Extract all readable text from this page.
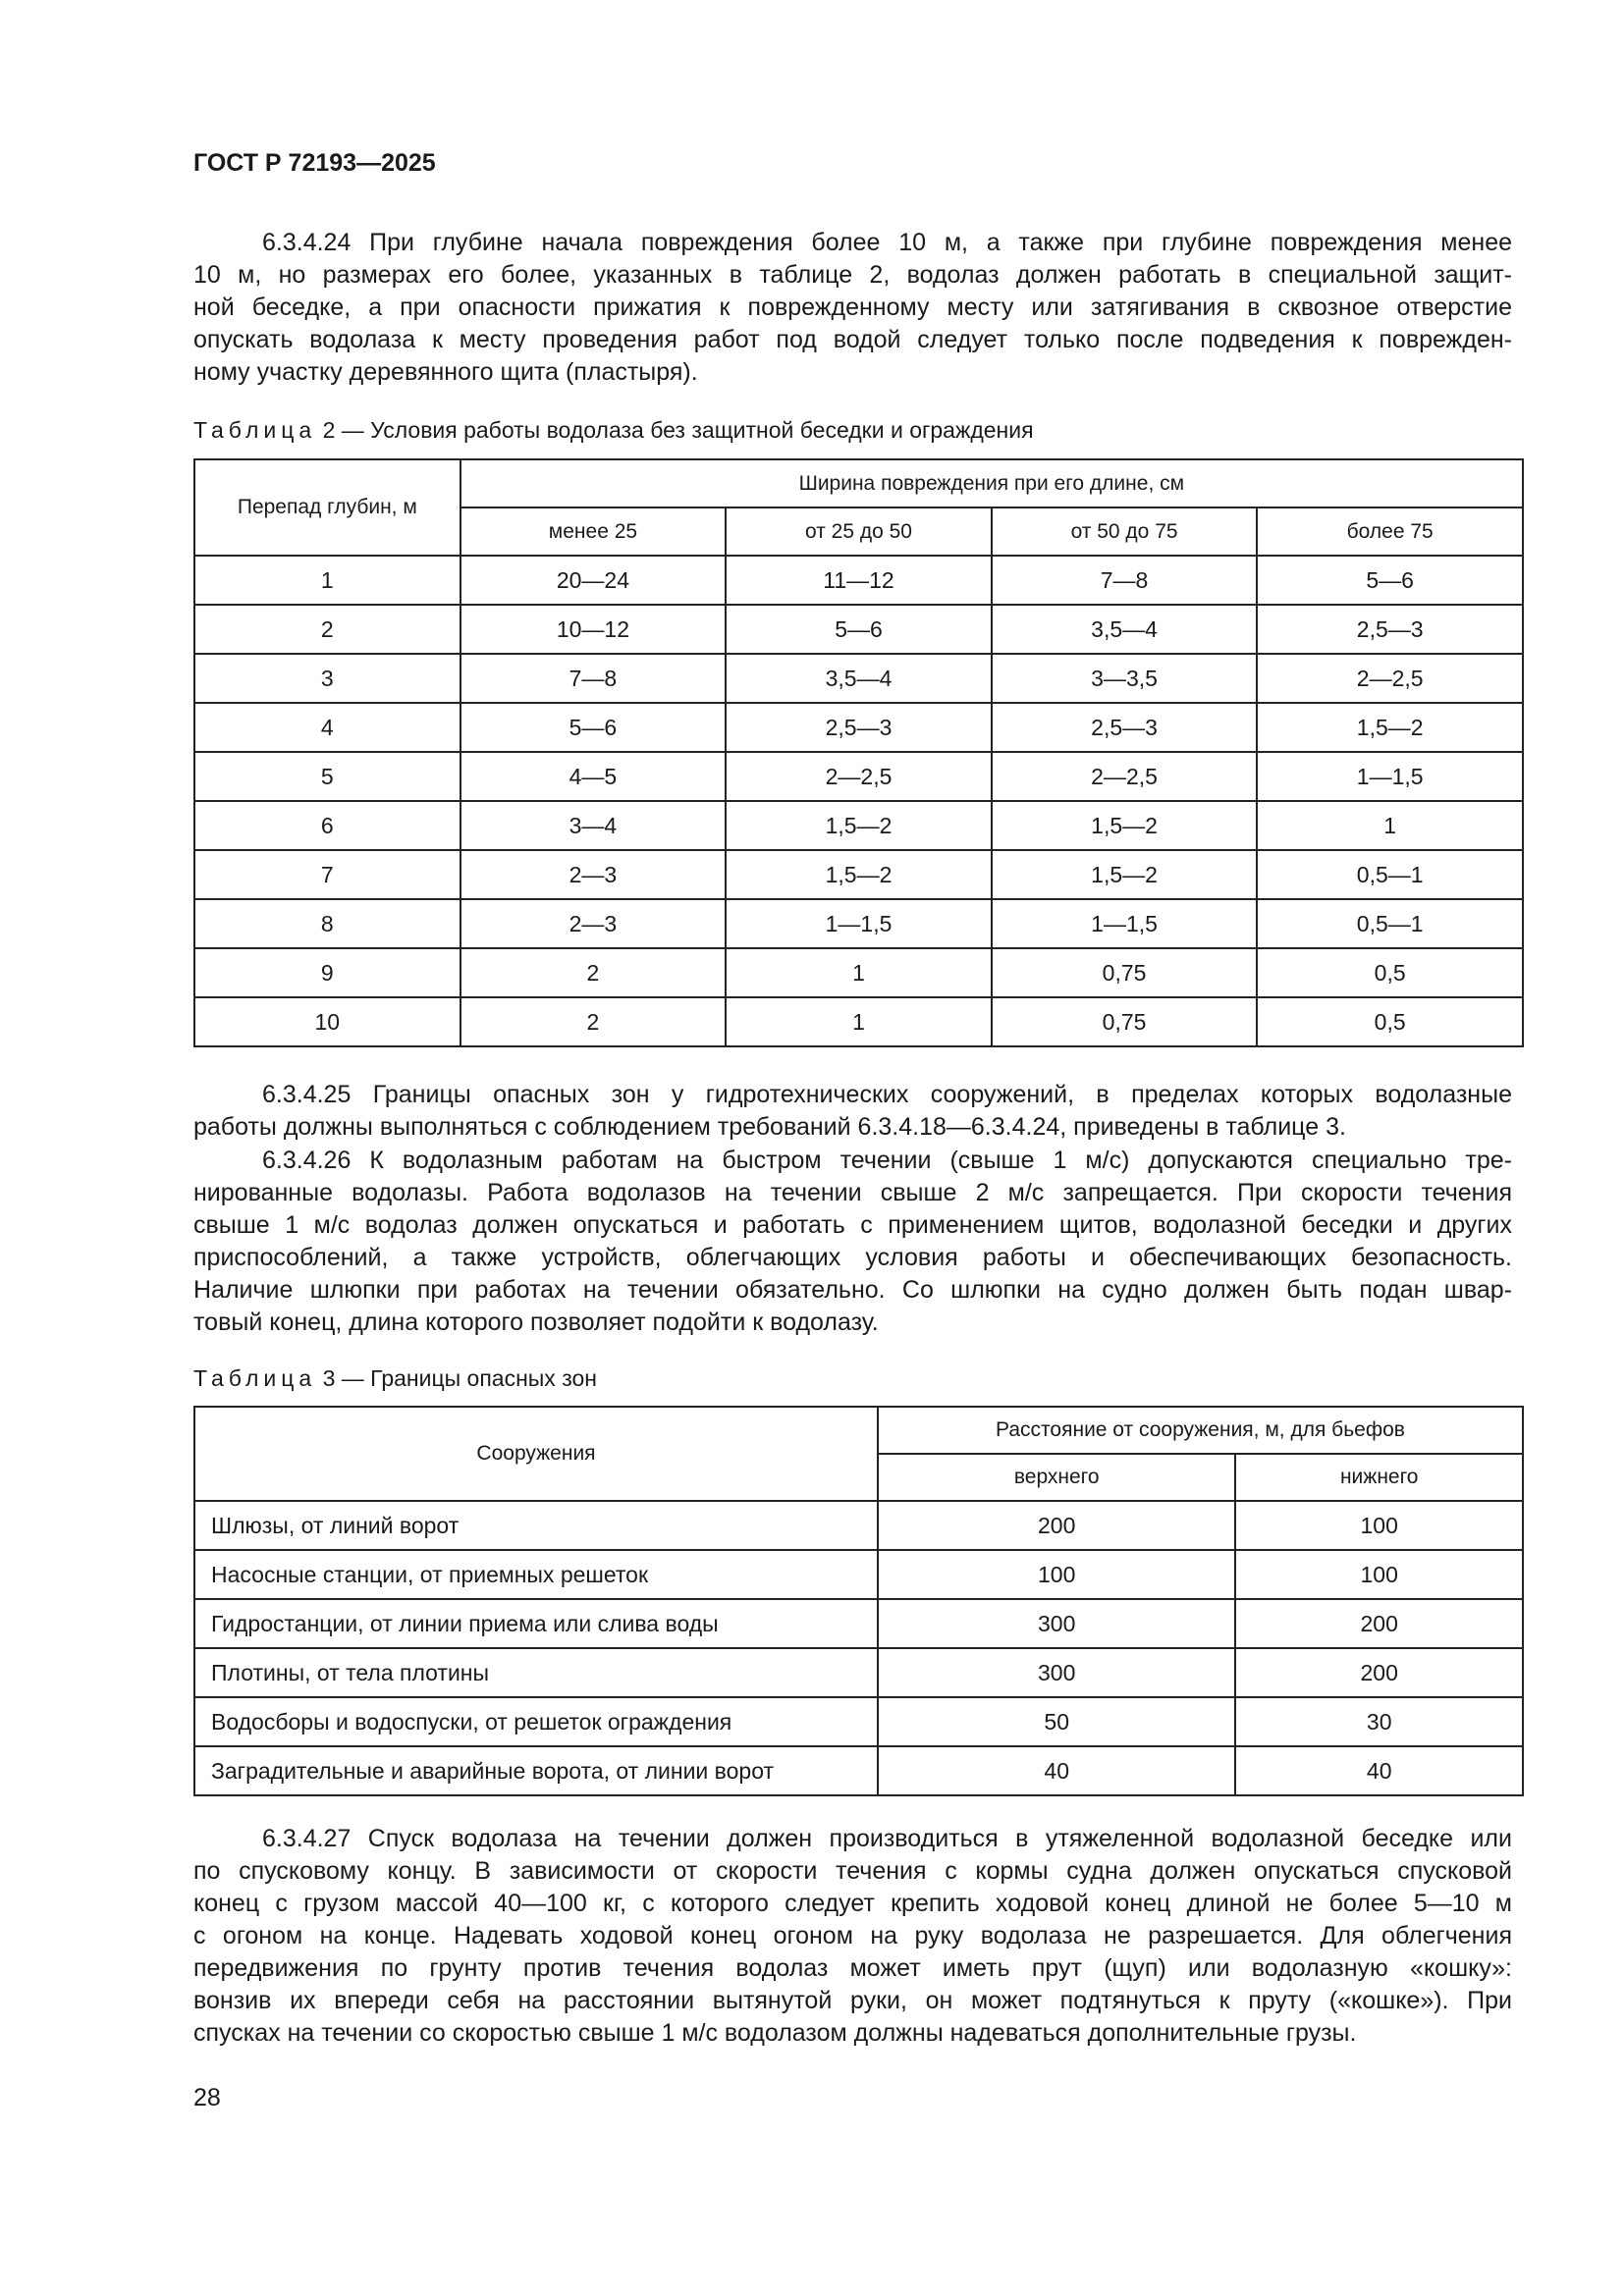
ГОСТ Р 72193—2025
6.3.4.24 При глубине начала повреждения более 10 м, а также при глубине повреждения менее
10 м, но размерах его более, указанных в таблице 2, водолаз должен работать в специальной защит-
ной беседке, а при опасности прижатия к поврежденному месту или затягивания в сквозное отверстие
опускать водолаза к месту проведения работ под водой следует только после подведения к поврежден-
ному участку деревянного щита (пластыря).
Таблица 2 — Условия работы водолаза без защитной беседки и ограждения
Перепад глубин, м	Ширина повреждения при его длине, см			
	менее 25	от 25 до 50	от 50 до 75	более 75
1	20—24	11—12	7—8	5—6
2	10—12	5—6	3,5—4	2,5—3
3	7—8	3,5—4	3—3,5	2—2,5
4	5—6	2,5—3	2,5—3	1,5—2
5	4—5	2—2,5	2—2,5	1—1,5
6	3—4	1,5—2	1,5—2	1
7	2—3	1,5—2	1,5—2	0,5—1
8	2—3	1—1,5	1—1,5	0,5—1
9	2	1	0,75	0,5
10	2	1	0,75	0,5
6.3.4.25 Границы опасных зон у гидротехнических сооружений, в пределах которых водолазные
работы должны выполняться с соблюдением требований 6.3.4.18—6.3.4.24, приведены в таблице 3.
6.3.4.26 К водолазным работам на быстром течении (свыше 1 м/с) допускаются специально тре-
нированные водолазы. Работа водолазов на течении свыше 2 м/с запрещается. При скорости течения
свыше 1 м/с водолаз должен опускаться и работать с применением щитов, водолазной беседки и других
приспособлений, а также устройств, облегчающих условия работы и обеспечивающих безопасность.
Наличие шлюпки при работах на течении обязательно. Со шлюпки на судно должен быть подан швар-
товый конец, длина которого позволяет подойти к водолазу.
Таблица 3 — Границы опасных зон
Сооружения	Расстояние от сооружения, м, для бьефов	
	верхнего	нижнего
Шлюзы, от линий ворот	200	100
Насосные станции, от приемных решеток	100	100
Гидростанции, от линии приема или слива воды	300	200
Плотины, от тела плотины	300	200
Водосборы и водоспуски, от решеток ограждения	50	30
Заградительные и аварийные ворота, от линии ворот	40	40
6.3.4.27 Спуск водолаза на течении должен производиться в утяжеленной водолазной беседке или
по спусковому концу. В зависимости от скорости течения с кормы судна должен опускаться спусковой
конец с грузом массой 40—100 кг, с которого следует крепить ходовой конец длиной не более 5—10 м
с огоном на конце. Надевать ходовой конец огоном на руку водолаза не разрешается. Для облегчения
передвижения по грунту против течения водолаз может иметь прут (щуп) или водолазную «кошку»:
вонзив их впереди себя на расстоянии вытянутой руки, он может подтянуться к пруту («кошке»). При
спусках на течении со скоростью свыше 1 м/с водолазом должны надеваться дополнительные грузы.
28
